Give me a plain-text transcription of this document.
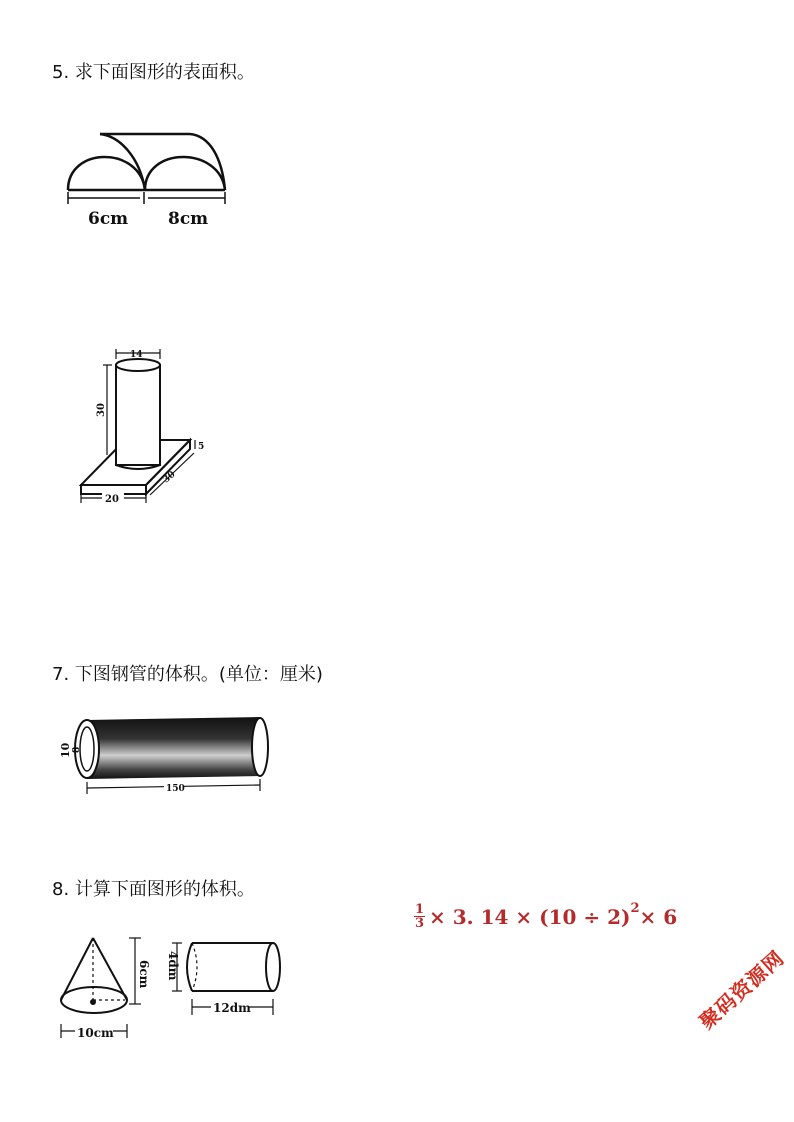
5. 求下面图形的表面积。
6cm 8cm
14
30
5
30
20
7. 下图钢管的体积。(单位：厘米)
10 8
150
8. 计算下面图形的体积。
6cm
10cm
4dm
12dm
$\frac{1}{3} \times 3$. $14 \times (10 \div 2)^2 \times 6$
聚码资源网
